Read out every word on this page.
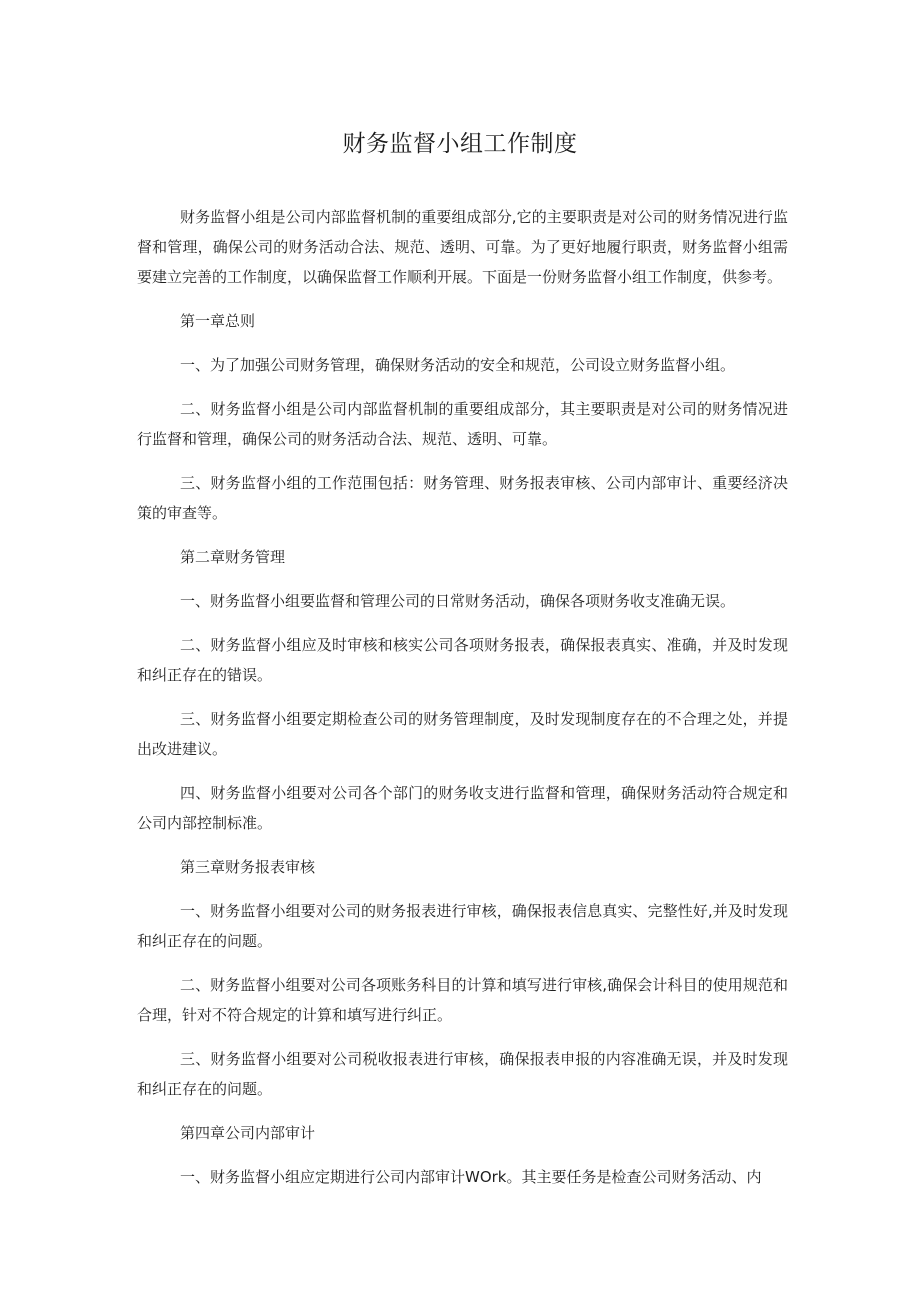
财务监督小组工作制度

财务监督小组是公司内部监督机制的重要组成部分,它的主要职责是对公司的财务情况进行监督和管理，确保公司的财务活动合法、规范、透明、可靠。为了更好地履行职责，财务监督小组需要建立完善的工作制度，以确保监督工作顺利开展。下面是一份财务监督小组工作制度，供参考。

第一章总则

一、为了加强公司财务管理，确保财务活动的安全和规范，公司设立财务监督小组。

二、财务监督小组是公司内部监督机制的重要组成部分，其主要职责是对公司的财务情况进行监督和管理，确保公司的财务活动合法、规范、透明、可靠。

三、财务监督小组的工作范围包括：财务管理、财务报表审核、公司内部审计、重要经济决策的审查等。

第二章财务管理

一、财务监督小组要监督和管理公司的日常财务活动，确保各项财务收支准确无误。

二、财务监督小组应及时审核和核实公司各项财务报表，确保报表真实、准确，并及时发现和纠正存在的错误。

三、财务监督小组要定期检查公司的财务管理制度，及时发现制度存在的不合理之处，并提出改进建议。

四、财务监督小组要对公司各个部门的财务收支进行监督和管理，确保财务活动符合规定和公司内部控制标准。

第三章财务报表审核

一、财务监督小组要对公司的财务报表进行审核，确保报表信息真实、完整性好,并及时发现和纠正存在的问题。

二、财务监督小组要对公司各项账务科目的计算和填写进行审核,确保会计科目的使用规范和合理，针对不符合规定的计算和填写进行纠正。

三、财务监督小组要对公司税收报表进行审核，确保报表申报的内容准确无误，并及时发现和纠正存在的问题。

第四章公司内部审计

一、财务监督小组应定期进行公司内部审计WOrk。其主要任务是检查公司财务活动、内
